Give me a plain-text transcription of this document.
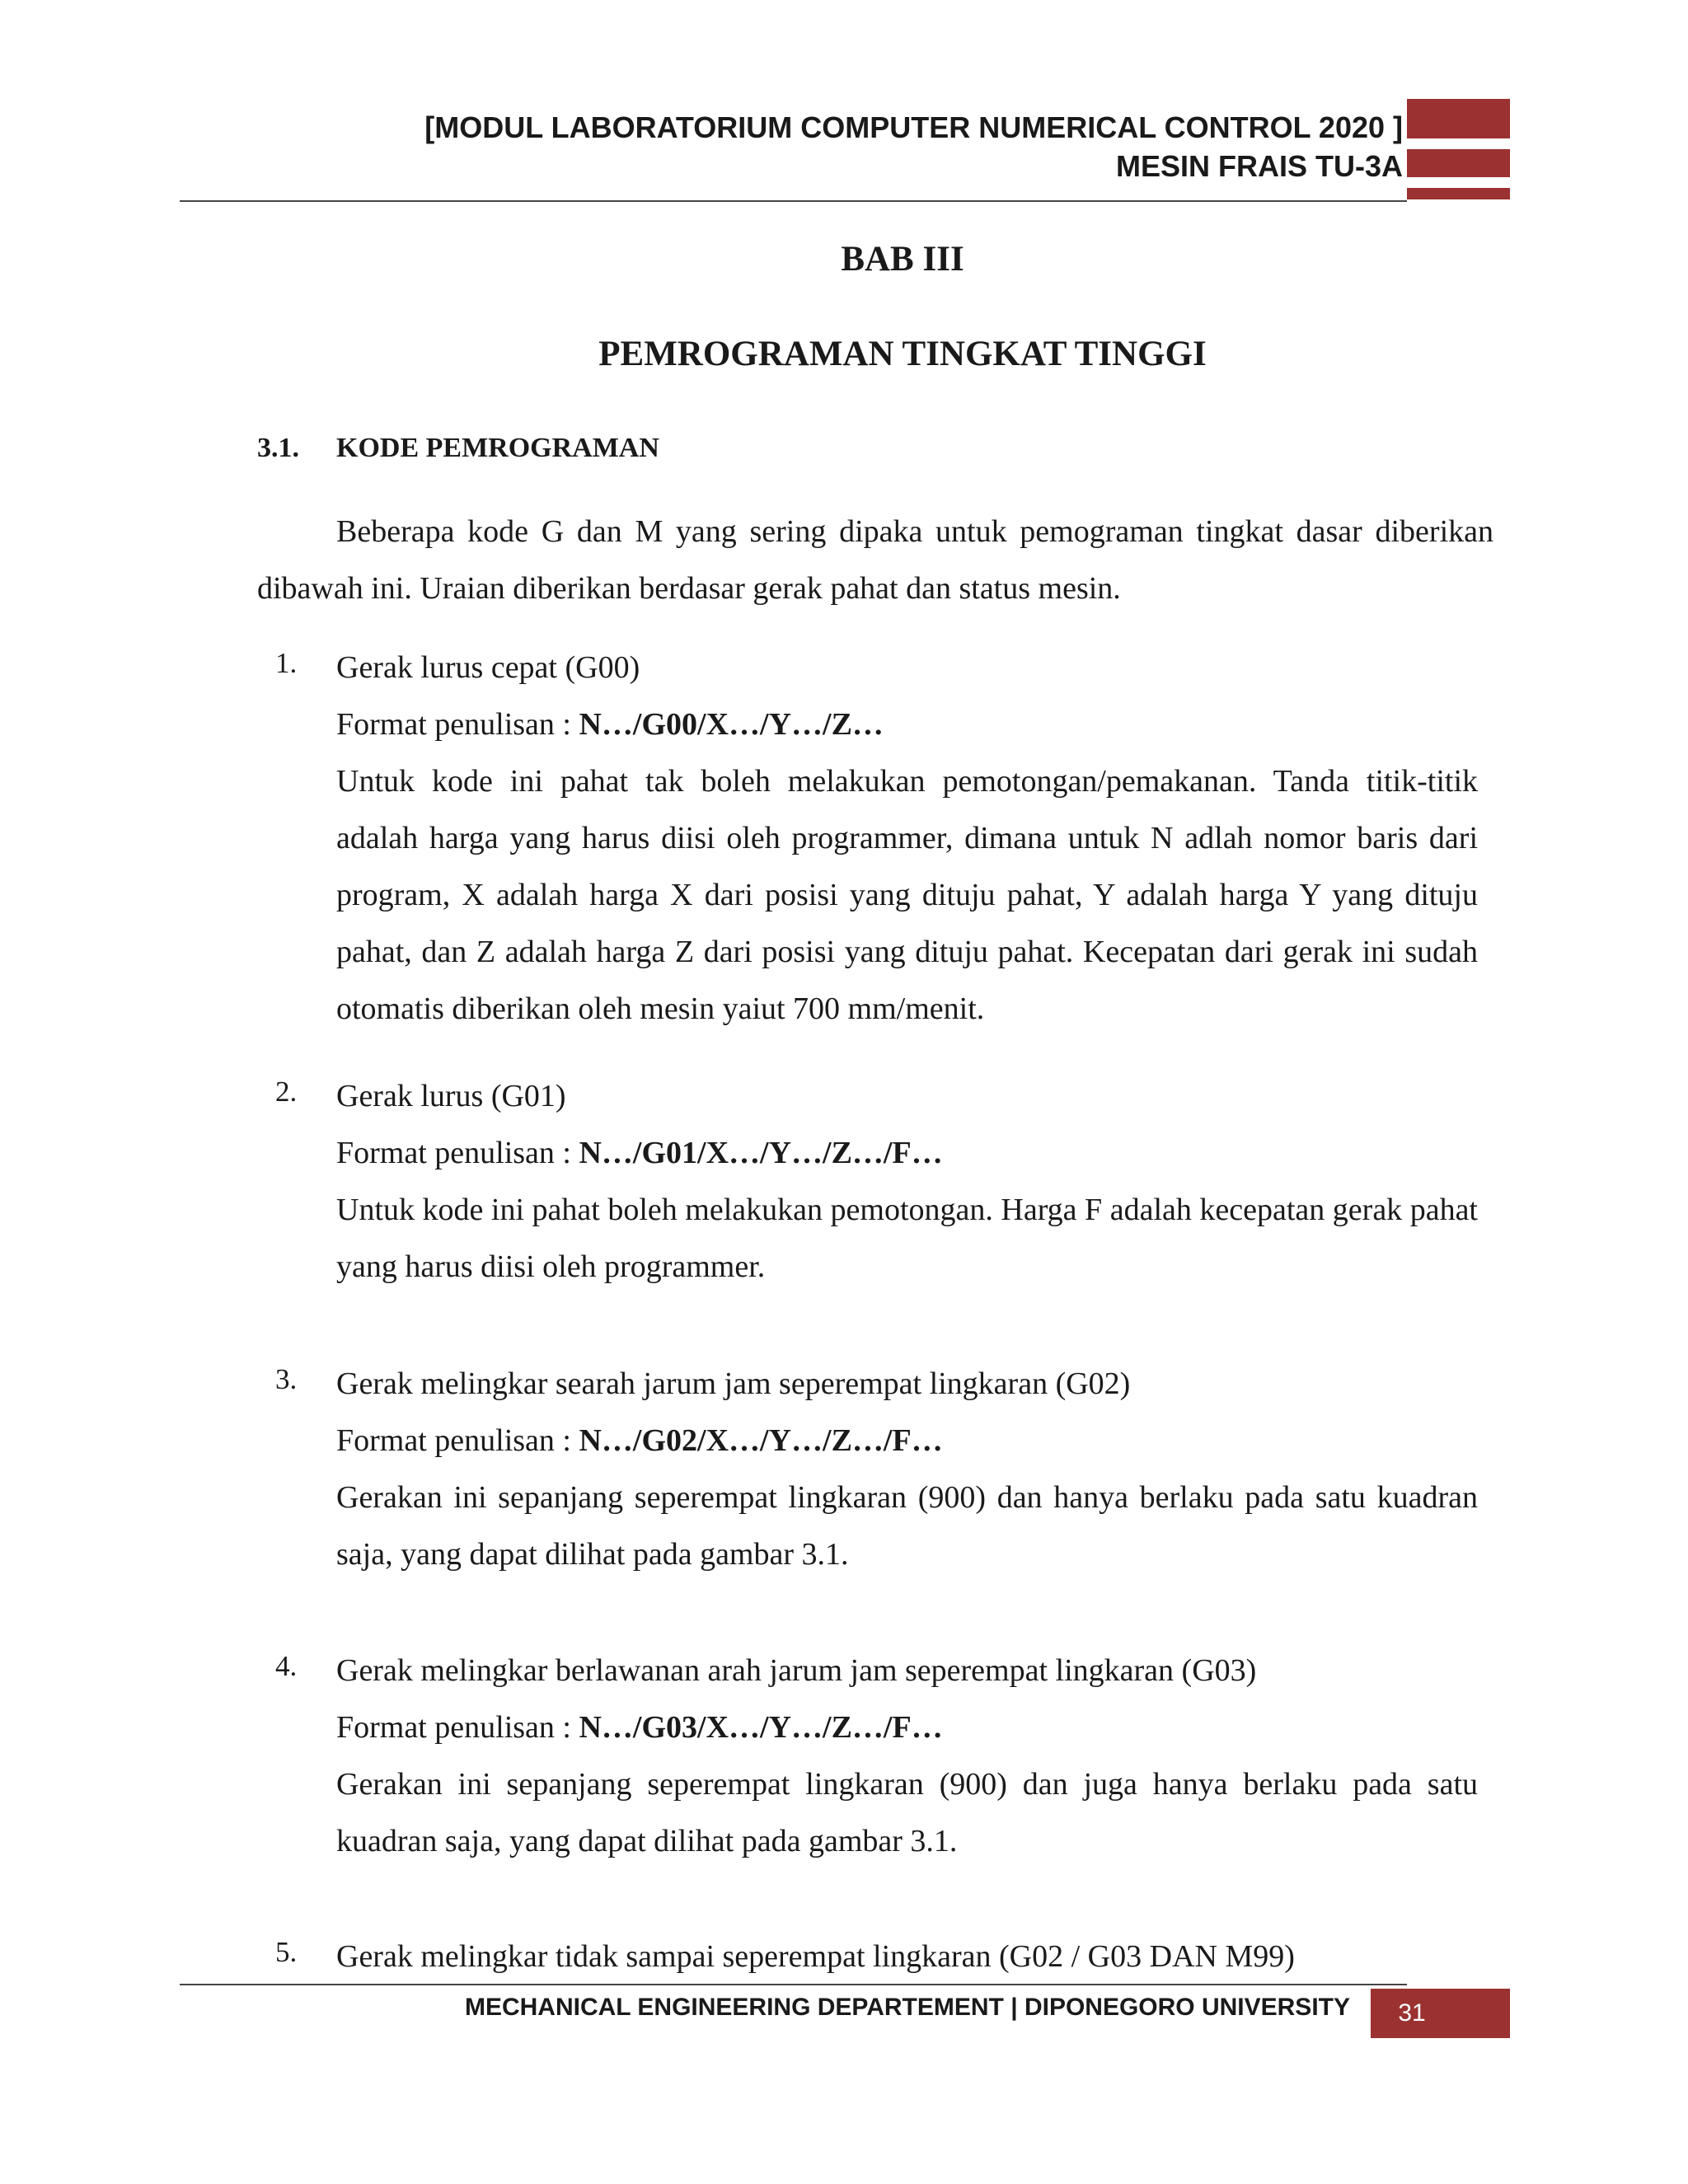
[MODUL LABORATORIUM COMPUTER NUMERICAL CONTROL 2020 ]
MESIN FRAIS TU-3A
BAB III
PEMROGRAMAN TINGKAT TINGGI
3.1. KODE PEMROGRAMAN
Beberapa kode G dan M yang sering dipaka untuk pemograman tingkat dasar diberikan dibawah ini. Uraian diberikan berdasar gerak pahat dan status mesin.
1. Gerak lurus cepat (G00)
Format penulisan : N…/G00/X…/Y…/Z…
Untuk kode ini pahat tak boleh melakukan pemotongan/pemakanan. Tanda titik-titik adalah harga yang harus diisi oleh programmer, dimana untuk N adlah nomor baris dari program, X adalah harga X dari posisi yang dituju pahat, Y adalah harga Y yang dituju pahat, dan Z adalah harga Z dari posisi yang dituju pahat. Kecepatan dari gerak ini sudah otomatis diberikan oleh mesin yaiut 700 mm/menit.
2. Gerak lurus (G01)
Format penulisan : N…/G01/X…/Y…/Z…/F…
Untuk kode ini pahat boleh melakukan pemotongan. Harga F adalah kecepatan gerak pahat yang harus diisi oleh programmer.
3. Gerak melingkar searah jarum jam seperempat lingkaran (G02)
Format penulisan : N…/G02/X…/Y…/Z…/F…
Gerakan ini sepanjang seperempat lingkaran (900) dan hanya berlaku pada satu kuadran saja, yang dapat dilihat pada gambar 3.1.
4. Gerak melingkar berlawanan arah jarum jam seperempat lingkaran (G03)
Format penulisan : N…/G03/X…/Y…/Z…/F…
Gerakan ini sepanjang seperempat lingkaran (900) dan juga hanya berlaku pada satu kuadran saja, yang dapat dilihat pada gambar 3.1.
5. Gerak melingkar tidak sampai seperempat lingkaran (G02 / G03 DAN M99)
MECHANICAL ENGINEERING DEPARTEMENT | DIPONEGORO UNIVERSITY	31
